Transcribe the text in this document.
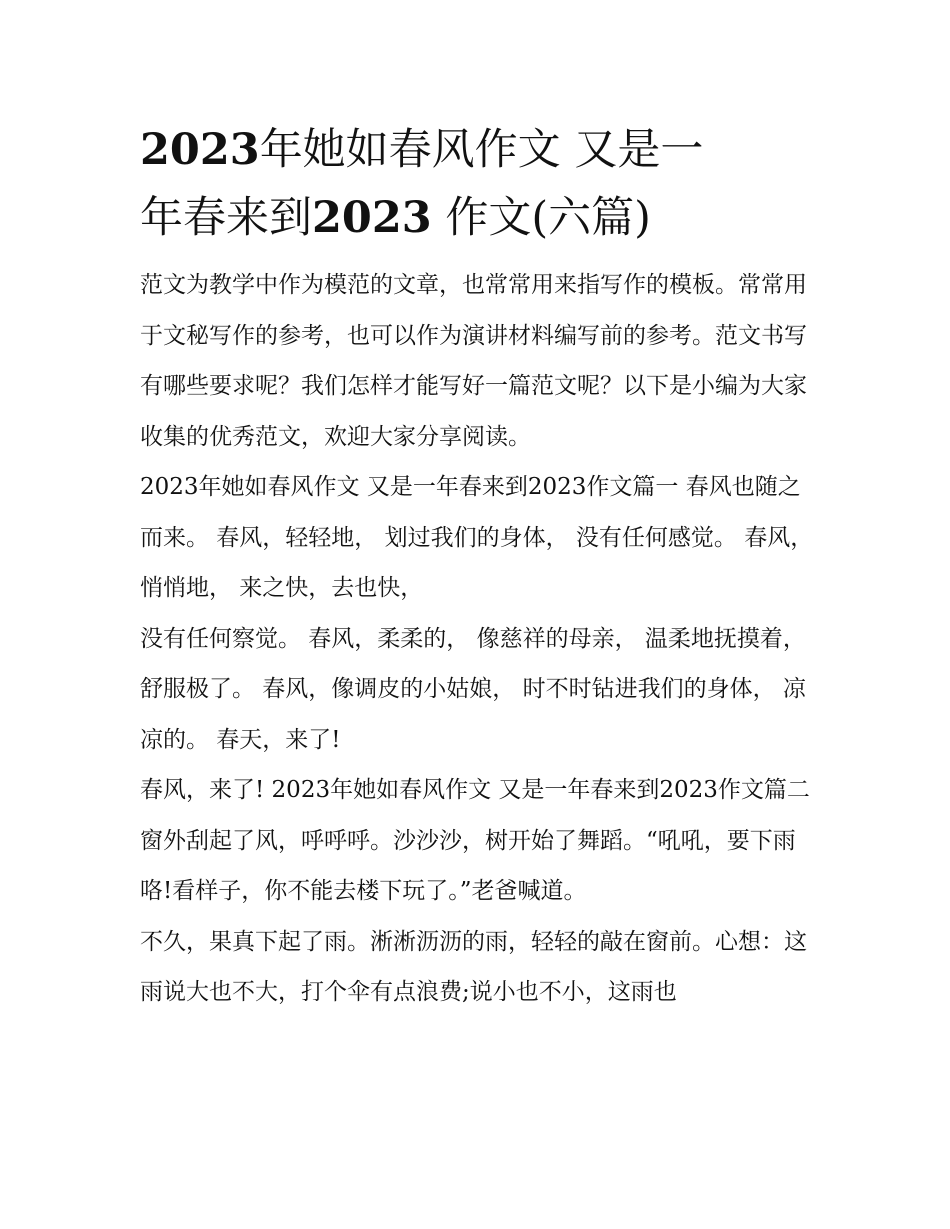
2023年她如春风作文 又是一
年春来到2023 作文(六篇)

范文为教学中作为模范的文章，也常常用来指写作的模板。常常用于文秘写作的参考，也可以作为演讲材料编写前的参考。范文书写有哪些要求呢？我们怎样才能写好一篇范文呢？以下是小编为大家收集的优秀范文，欢迎大家分享阅读。

2023年她如春风作文 又是一年春来到2023作文篇一 春风也随之而来。 春风，轻轻地， 划过我们的身体， 没有任何感觉。 春风，悄悄地， 来之快，去也快，

没有任何察觉。 春风，柔柔的， 像慈祥的母亲， 温柔地抚摸着， 舒服极了。 春风，像调皮的小姑娘， 时不时钻进我们的身体， 凉凉的。 春天，来了!

春风，来了! 2023年她如春风作文 又是一年春来到2023作文篇二

窗外刮起了风，呼呼呼。沙沙沙，树开始了舞蹈。“吼吼，要下雨咯!看样子，你不能去楼下玩了。”老爸喊道。

不久，果真下起了雨。淅淅沥沥的雨，轻轻的敲在窗前。心想：这雨说大也不大，打个伞有点浪费;说小也不小，这雨也
